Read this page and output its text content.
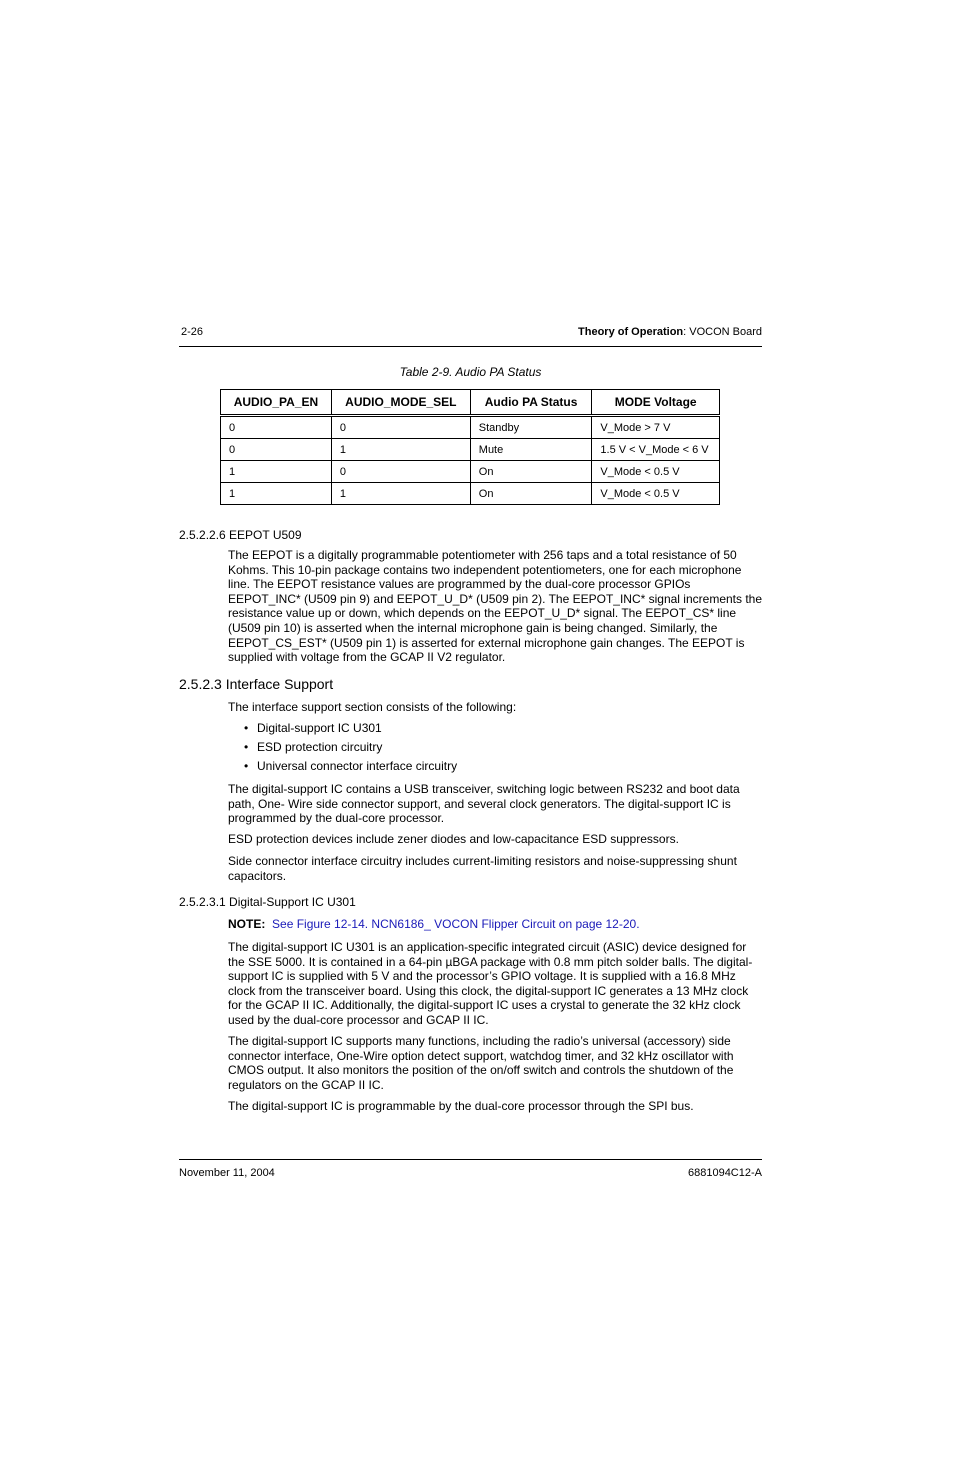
2-26	Theory of Operation: VOCON Board
Table 2-9. Audio PA Status
AUDIO_PA_EN	AUDIO_MODE_SEL	Audio PA Status	MODE Voltage
0	0	Standby	V_Mode > 7 V
0	1	Mute	1.5 V < V_Mode < 6 V
1	0	On	V_Mode < 0.5 V
1	1	On	V_Mode < 0.5 V
2.5.2.2.6 EEPOT U509
The EEPOT is a digitally programmable potentiometer with 256 taps and a total resistance of 50 Kohms. This 10-pin package contains two independent potentiometers, one for each microphone line. The EEPOT resistance values are programmed by the dual-core processor GPIOs EEPOT_INC* (U509 pin 9) and EEPOT_U_D* (U509 pin 2). The EEPOT_INC* signal increments the resistance value up or down, which depends on the EEPOT_U_D* signal. The EEPOT_CS* line (U509 pin 10) is asserted when the internal microphone gain is being changed. Similarly, the EEPOT_CS_EST* (U509 pin 1) is asserted for external microphone gain changes. The EEPOT is supplied with voltage from the GCAP II V2 regulator.
2.5.2.3 Interface Support
The interface support section consists of the following:
• Digital-support IC U301
• ESD protection circuitry
• Universal connector interface circuitry
The digital-support IC contains a USB transceiver, switching logic between RS232 and boot data path, One- Wire side connector support, and several clock generators. The digital-support IC is programmed by the dual-core processor.
ESD protection devices include zener diodes and low-capacitance ESD suppressors.
Side connector interface circuitry includes current-limiting resistors and noise-suppressing shunt capacitors.
2.5.2.3.1 Digital-Support IC U301
NOTE: See Figure 12-14. NCN6186_ VOCON Flipper Circuit on page 12-20.
The digital-support IC U301 is an application-specific integrated circuit (ASIC) device designed for the SSE 5000. It is contained in a 64-pin µBGA package with 0.8 mm pitch solder balls. The digital-support IC is supplied with 5 V and the processor’s GPIO voltage. It is supplied with a 16.8 MHz clock from the transceiver board. Using this clock, the digital-support IC generates a 13 MHz clock for the GCAP II IC. Additionally, the digital-support IC uses a crystal to generate the 32 kHz clock used by the dual-core processor and GCAP II IC.
The digital-support IC supports many functions, including the radio’s universal (accessory) side connector interface, One-Wire option detect support, watchdog timer, and 32 kHz oscillator with CMOS output. It also monitors the position of the on/off switch and controls the shutdown of the regulators on the GCAP II IC.
The digital-support IC is programmable by the dual-core processor through the SPI bus.
November 11, 2004	6881094C12-A
